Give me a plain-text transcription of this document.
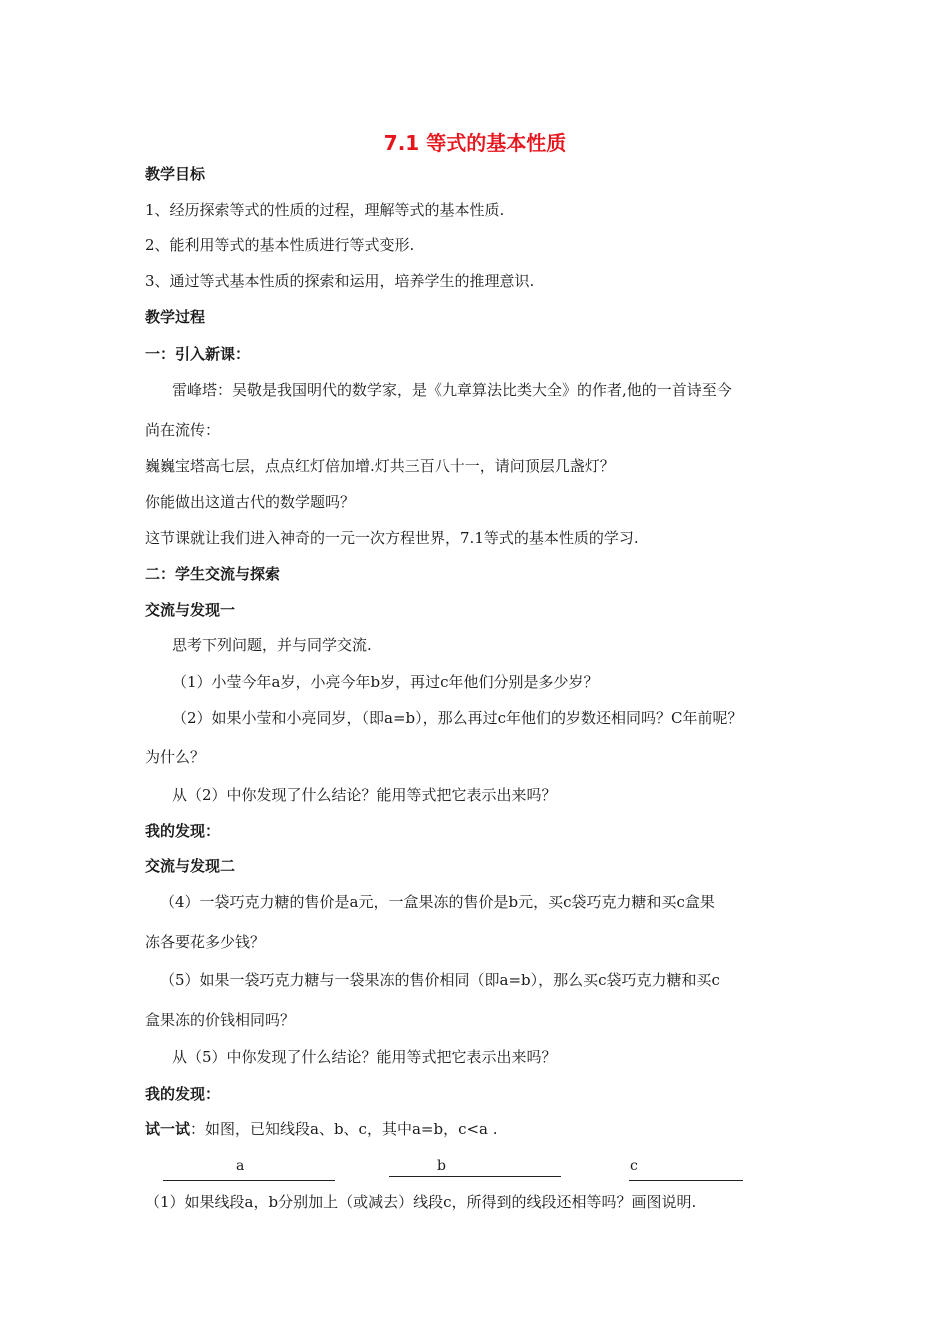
7.1 等式的基本性质
教学目标
1、经历探索等式的性质的过程，理解等式的基本性质.
2、能利用等式的基本性质进行等式变形.
3、通过等式基本性质的探索和运用，培养学生的推理意识.
教学过程
一：引入新课：
雷峰塔：吴敬是我国明代的数学家，是《九章算法比类大全》的作者,他的一首诗至今
尚在流传：
巍巍宝塔高七层，点点红灯倍加增.灯共三百八十一，请问顶层几盏灯？
你能做出这道古代的数学题吗？
这节课就让我们进入神奇的一元一次方程世界，7.1等式的基本性质的学习.
二：学生交流与探索
交流与发现一
思考下列问题，并与同学交流.
（1）小莹今年a岁，小亮今年b岁，再过c年他们分别是多少岁？
（2）如果小莹和小亮同岁，（即a=b），那么再过c年他们的岁数还相同吗？C年前呢？
为什么？
从（2）中你发现了什么结论？能用等式把它表示出来吗？
我的发现：
交流与发现二
（4）一袋巧克力糖的售价是a元，一盒果冻的售价是b元，买c袋巧克力糖和买c盒果
冻各要花多少钱？
（5）如果一袋巧克力糖与一袋果冻的售价相同（即a=b），那么买c袋巧克力糖和买c
盒果冻的价钱相同吗？
从（5）中你发现了什么结论？能用等式把它表示出来吗？
我的发现：
试一试：如图，已知线段a、b、c，其中a=b，c<a .
a	b	c
（1）如果线段a，b分别加上（或减去）线段c，所得到的线段还相等吗？画图说明.
